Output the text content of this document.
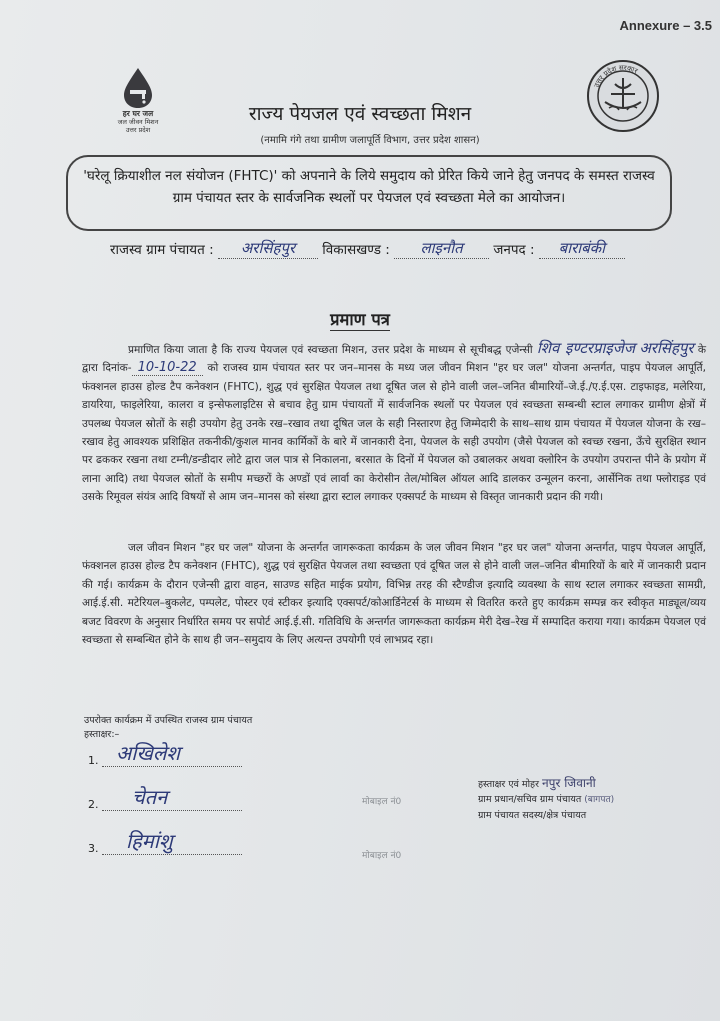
Annexure – 3.5
हर घर जल
जल जीवन मिशन
उत्तर प्रदेश
उत्तर प्रदेश सरकार
राज्य पेयजल एवं स्वच्छता मिशन
(नमामि गंगे तथा ग्रामीण जलापूर्ति विभाग, उत्तर प्रदेश शासन)
'घरेलू क्रियाशील नल संयोजन (FHTC)' को अपनाने के लिये समुदाय को प्रेरित किये जाने हेतु जनपद के समस्त राजस्व ग्राम पंचायत स्तर के सार्वजनिक स्थलों पर पेयजल एवं स्वच्छता मेले का आयोजन।
राजस्व ग्राम पंचायत : अरसिंहपुर विकासखण्ड : लाइनौत जनपद : बाराबंकी
प्रमाण पत्र
प्रमाणित किया जाता है कि राज्य पेयजल एवं स्वच्छता मिशन, उत्तर प्रदेश के माध्यम से सूचीबद्ध एजेन्सी शिव इण्टरप्राइजेज अरसिंहपुर के द्वारा दिनांक- 10-10-22 को राजस्व ग्राम पंचायत स्तर पर जन–मानस के मध्य जल जीवन मिशन "हर घर जल" योजना अन्तर्गत, पाइप पेयजल आपूर्ति, फंक्शनल हाउस होल्ड टैप कनेक्शन (FHTC), शुद्ध एवं सुरक्षित पेयजल तथा दूषित जल से होने वाली जल–जनित बीमारियों–जे.ई./ए.ई.एस. टाइफाइड, मलेरिया, डायरिया, फाइलेरिया, कालरा व इन्सेफलाइटिस से बचाव हेतु ग्राम पंचायतों में सार्वजनिक स्थलों पर पेयजल एवं स्वच्छता सम्बन्धी स्टाल लगाकर ग्रामीण क्षेत्रों में उपलब्ध पेयजल स्रोतों के सही उपयोग हेतु उनके रख–रखाव तथा दूषित जल के सही निस्तारण हेतु जिम्मेदारी के साथ–साथ ग्राम पंचायत में पेयजल योजना के रख–रखाव हेतु आवश्यक प्रशिक्षित तकनीकी/कुशल मानव कार्मिकों के बारे में जानकारी देना, पेयजल के सही उपयोग (जैसे पेयजल को स्वच्छ रखना, ऊँचे सुरक्षित स्थान पर ढककर रखना तथा टम्नी/डन्डीदार लोटे द्वारा जल पात्र से निकालना, बरसात के दिनों में पेयजल को उबालकर अथवा क्लोरिन के उपयोग उपरान्त पीने के प्रयोग में लाना आदि) तथा पेयजल स्रोतों के समीप मच्छरों के अण्डों एवं लार्वा का केरोसीन तेल/मोबिल ऑयल आदि डालकर उन्मूलन करना, आर्सेनिक तथा फ्लोराइड एवं उसके रिमूवल संयंत्र आदि विषयों से आम जन–मानस को संस्था द्वारा स्टाल लगाकर एक्सपर्ट के माध्यम से विस्तृत जानकारी प्रदान की गयी।
जल जीवन मिशन "हर घर जल" योजना के अन्तर्गत जागरूकता कार्यक्रम के जल जीवन मिशन "हर घर जल" योजना अन्तर्गत, पाइप पेयजल आपूर्ति, फंक्शनल हाउस होल्ड टैप कनेक्शन (FHTC), शुद्ध एवं सुरक्षित पेयजल तथा स्वच्छता एवं दूषित जल से होने वाली जल–जनित बीमारियों के बारे में जानकारी प्रदान की गई। कार्यक्रम के दौरान एजेन्सी द्वारा वाहन, साउण्ड सहित माईक प्रयोग, विभिन्न तरह की स्टैण्डीज इत्यादि व्यवस्था के साथ स्टाल लगाकर स्वच्छता सामग्री, आई.ई.सी. मटेरियल–बुकलेट, पम्पलेट, पोस्टर एवं स्टीकर इत्यादि एक्सपर्ट/कोआर्डिनेटर्स के माध्यम से वितरित करते हुए कार्यक्रम सम्पन्न कर स्वीकृत माड्यूल/व्यय बजट विवरण के अनुसार निर्धारित समय पर सपोर्ट आई.ई.सी. गतिविधि के अन्तर्गत जागरूकता कार्यक्रम मेरी देख–रेख में सम्पादित कराया गया। कार्यक्रम पेयजल एवं स्वच्छता से सम्बन्धित होने के साथ ही जन–समुदाय के लिए अत्यन्त उपयोगी एवं लाभप्रद रहा।
उपरोक्त कार्यक्रम में उपस्थित राजस्व ग्राम पंचायत
हस्ताक्षर:–
1. अखिलेश
2. चेतन
3. हिमांशु
मोबाइल नं0
मोबाइल नं0
हस्ताक्षर एवं मोहर नपुर जिवानी
ग्राम प्रधान/सचिव ग्राम पंचायत (बागपत)
ग्राम पंचायत सदस्य/क्षेत्र पंचायत
